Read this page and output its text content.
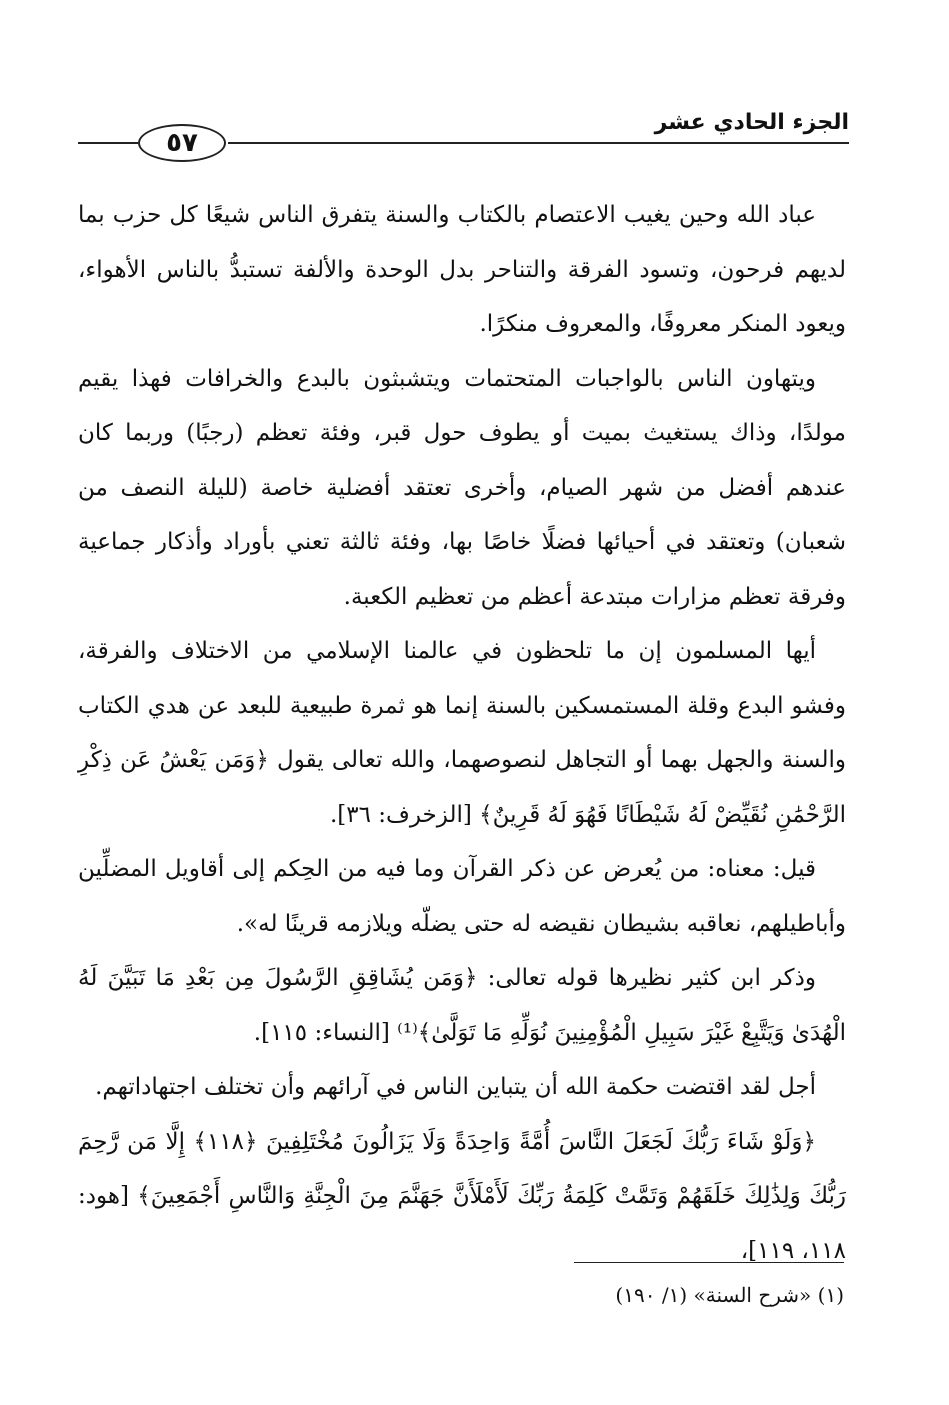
الجزء الحادي عشر
٥٧

عباد الله وحين يغيب الاعتصام بالكتاب والسنة يتفرق الناس شيعًا كل حزب بما لديهم فرحون، وتسود الفرقة والتناحر بدل الوحدة والألفة تستبدُّ بالناس الأهواء، ويعود المنكر معروفًا، والمعروف منكرًا.

ويتهاون الناس بالواجبات المتحتمات ويتشبثون بالبدع والخرافات فهذا يقيم مولدًا، وذاك يستغيث بميت أو يطوف حول قبر، وفئة تعظم (رجبًا) وربما كان عندهم أفضل من شهر الصيام، وأخرى تعتقد أفضلية خاصة (لليلة النصف من شعبان) وتعتقد في أحيائها فضلًا خاصًا بها، وفئة ثالثة تعني بأوراد وأذكار جماعية وفرقة تعظم مزارات مبتدعة أعظم من تعظيم الكعبة.

أيها المسلمون إن ما تلحظون في عالمنا الإسلامي من الاختلاف والفرقة، وفشو البدع وقلة المستمسكين بالسنة إنما هو ثمرة طبيعية للبعد عن هدي الكتاب والسنة والجهل بهما أو التجاهل لنصوصهما، والله تعالى يقول ﴿وَمَن يَعْشُ عَن ذِكْرِ الرَّحْمَٰنِ نُقَيِّضْ لَهُ شَيْطَانًا فَهُوَ لَهُ قَرِينٌ﴾ [الزخرف: ٣٦].

قيل: معناه: من يُعرض عن ذكر القرآن وما فيه من الحِكم إلى أقاويل المضلِّين وأباطيلهم، نعاقبه بشيطان نقيضه له حتى يضلّه ويلازمه قرينًا له».

وذكر ابن كثير نظيرها قوله تعالى: ﴿وَمَن يُشَاقِقِ الرَّسُولَ مِن بَعْدِ مَا تَبَيَّنَ لَهُ الْهُدَىٰ وَيَتَّبِعْ غَيْرَ سَبِيلِ الْمُؤْمِنِينَ نُوَلِّهِ مَا تَوَلَّىٰ﴾⁽¹⁾ [النساء: ١١٥].

أجل لقد اقتضت حكمة الله أن يتباين الناس في آرائهم وأن تختلف اجتهاداتهم.

﴿وَلَوْ شَاءَ رَبُّكَ لَجَعَلَ النَّاسَ أُمَّةً وَاحِدَةً وَلَا يَزَالُونَ مُخْتَلِفِينَ ﴿١١٨﴾ إِلَّا مَن رَّحِمَ رَبُّكَ وَلِذَٰلِكَ خَلَقَهُمْ وَتَمَّتْ كَلِمَةُ رَبِّكَ لَأَمْلَأَنَّ جَهَنَّمَ مِنَ الْجِنَّةِ وَالنَّاسِ أَجْمَعِينَ﴾ [هود: ١١٨، ١١٩]،

(١) «شرح السنة» (١/ ١٩٠)
